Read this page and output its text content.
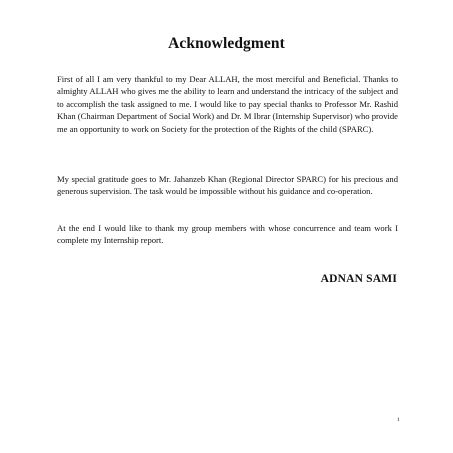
Acknowledgment
First of all I am very thankful to my Dear ALLAH, the most merciful and Beneficial. Thanks to almighty ALLAH who gives me the ability to learn and understand the intricacy of the subject and to accomplish the task assigned to me. I would like to pay special thanks to Professor Mr. Rashid Khan (Chairman Department of Social Work) and Dr. M Ibrar (Internship Supervisor) who provide me an opportunity to work on Society for the protection of the Rights of the child (SPARC).
My special gratitude goes to Mr. Jahanzeb Khan (Regional Director SPARC) for his precious and generous supervision. The task would be impossible without his guidance and co-operation.
At the end I would like to thank my group members with whose concurrence and team work I complete my Internship report.
ADNAN SAMI
i
